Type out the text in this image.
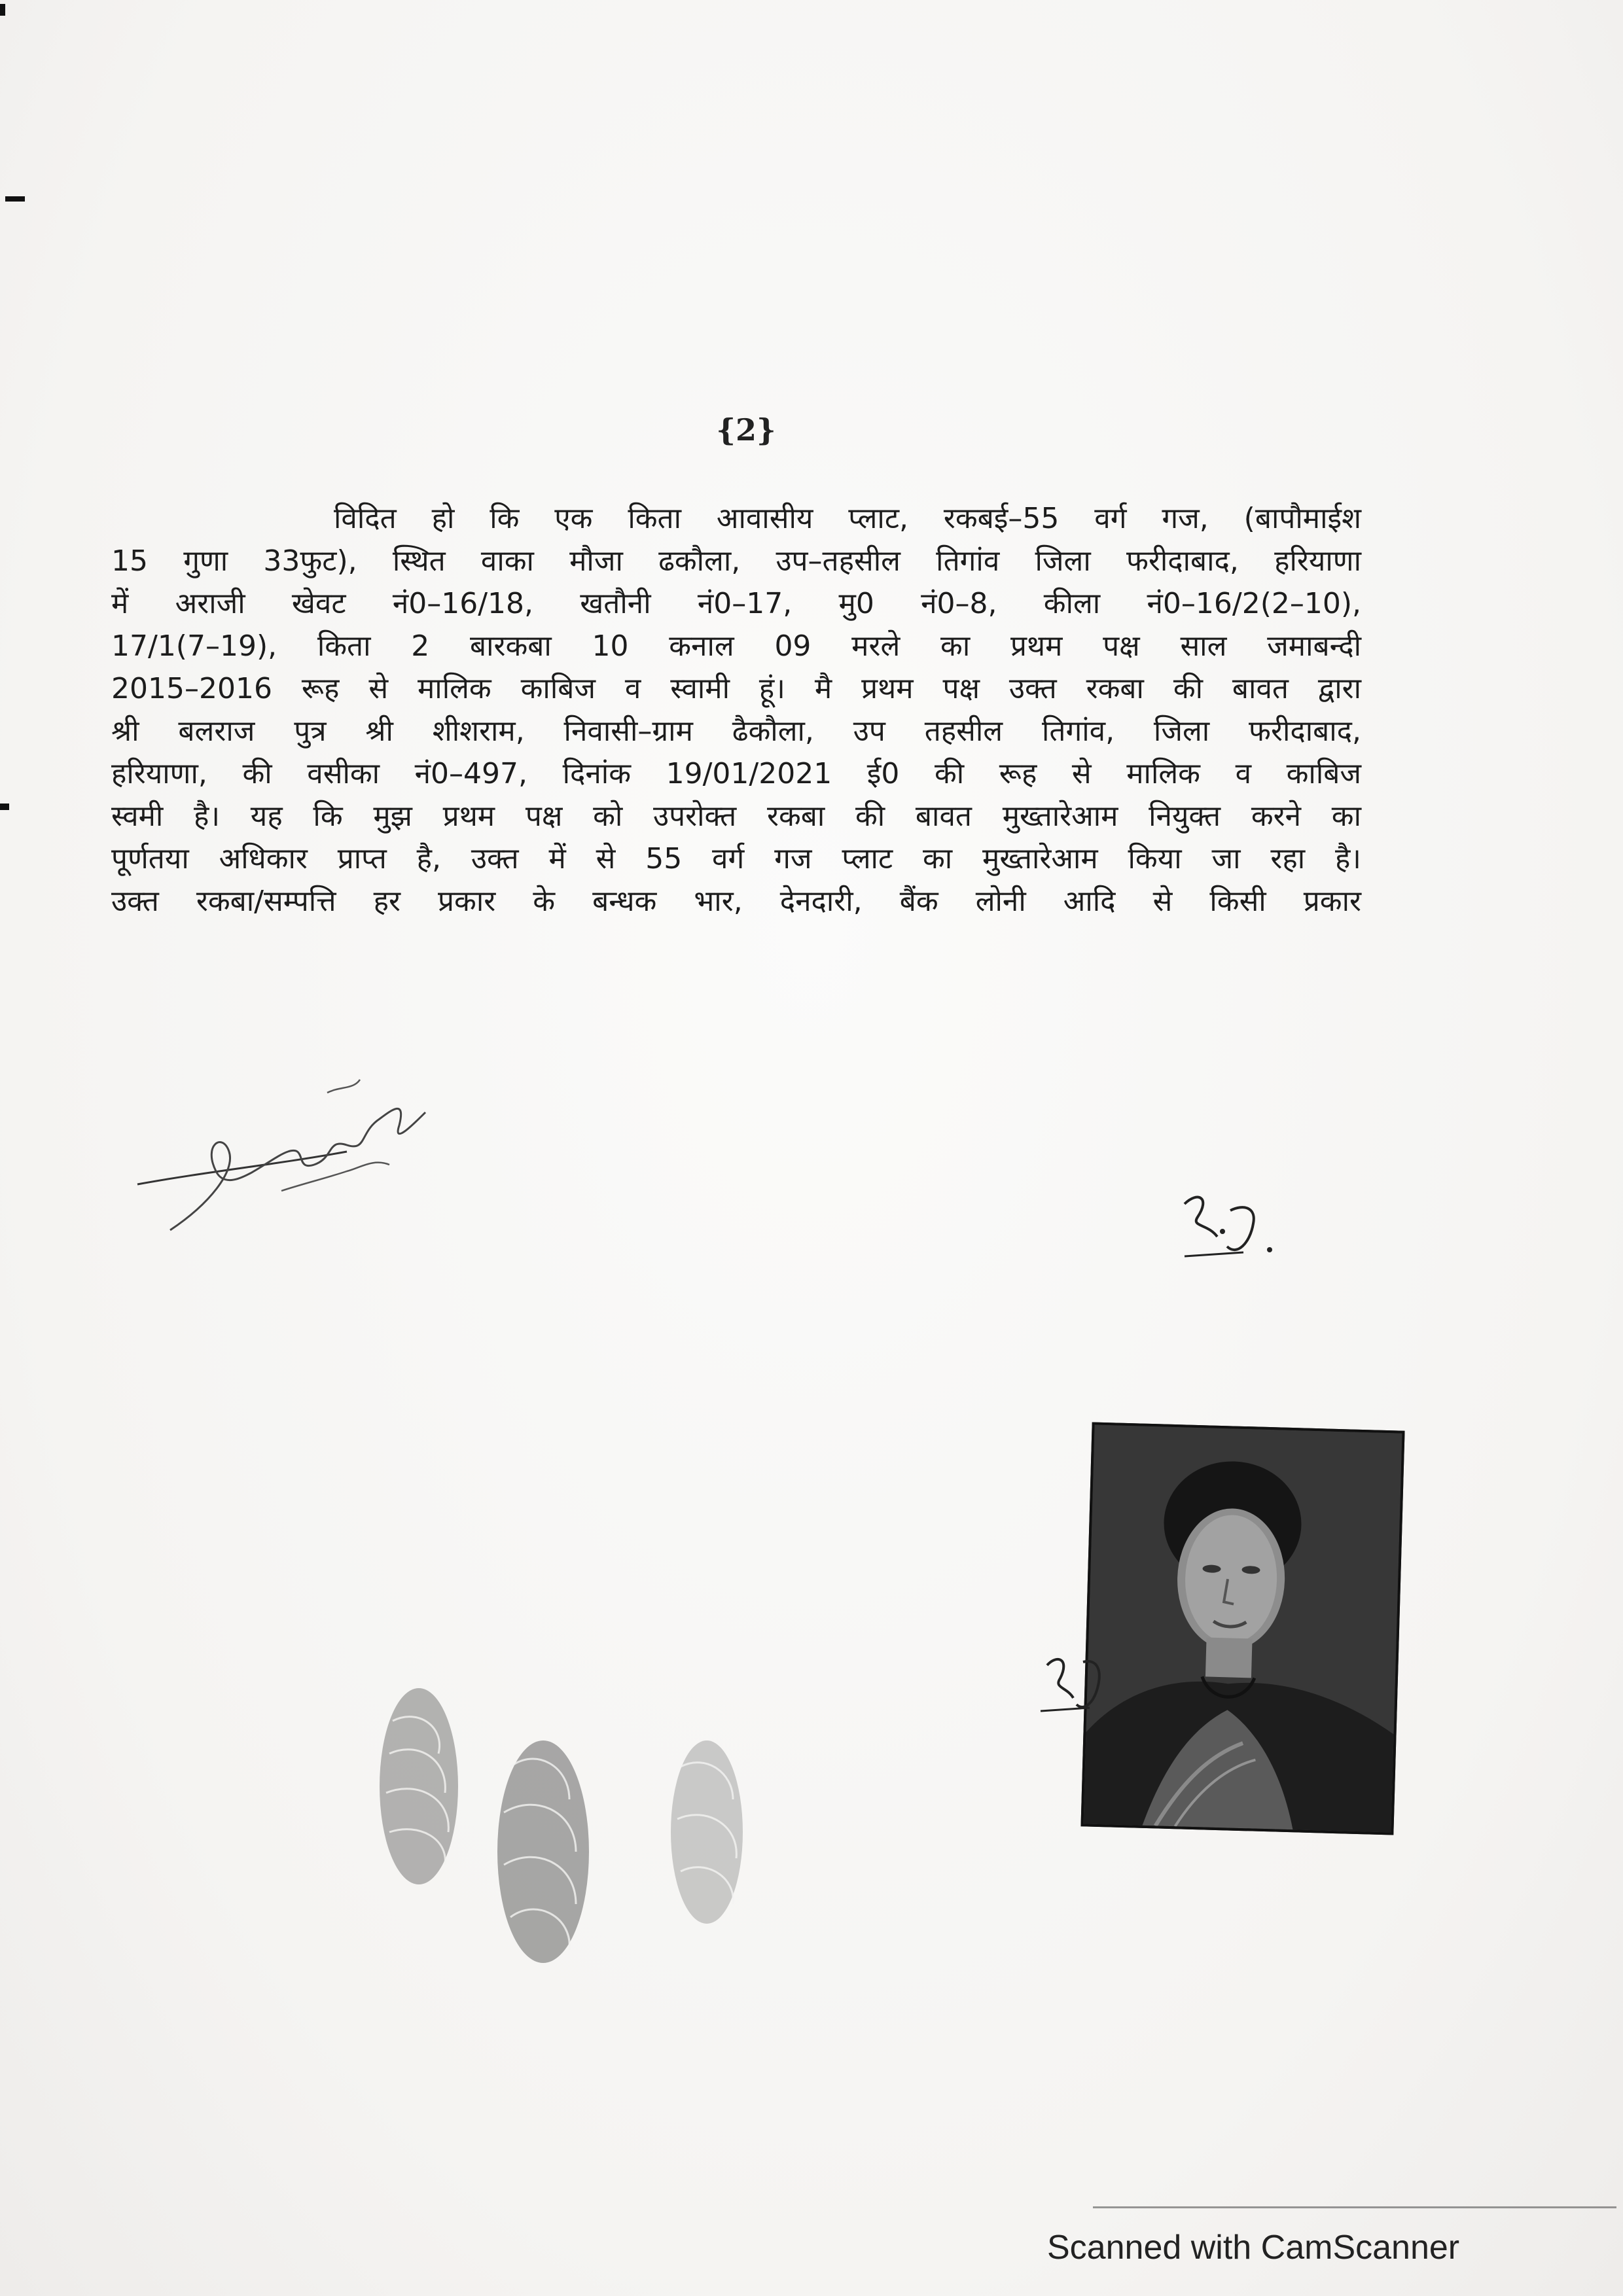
{2}
विदित हो कि एक किता आवासीय प्लाट, रकबई–55 वर्ग गज, (बापौमाईश
15 गुणा 33फुट), स्थित वाका मौजा ढकौला, उप–तहसील तिगांव जिला फरीदाबाद, हरियाणा
में अराजी खेवट नं0–16/18, खतौनी नं0–17, मु0 नं0–8, कीला नं0–16/2(2–10),
17/1(7–19), किता 2 बारकबा 10 कनाल 09 मरले का प्रथम पक्ष साल जमाबन्दी
2015–2016 रूह से मालिक काबिज व स्वामी हूं। मै प्रथम पक्ष उक्त रकबा की बावत द्वारा
श्री बलराज पुत्र श्री शीशराम, निवासी–ग्राम ढैकौला, उप तहसील तिगांव, जिला फरीदाबाद,
हरियाणा, की वसीका नं0–497, दिनांक 19/01/2021 ई0 की रूह से मालिक व काबिज
स्वमी है। यह कि मुझ प्रथम पक्ष को उपरोक्त रकबा की बावत मुख्तारेआम नियुक्त करने का
पूर्णतया अधिकार प्राप्त है, उक्त में से 55 वर्ग गज प्लाट का मुख्तारेआम किया जा रहा है।
उक्त रकबा/सम्पत्ति हर प्रकार के बन्धक भार, देनदारी, बैंक लोनी आदि से किसी प्रकार
Scanned with CamScanner
